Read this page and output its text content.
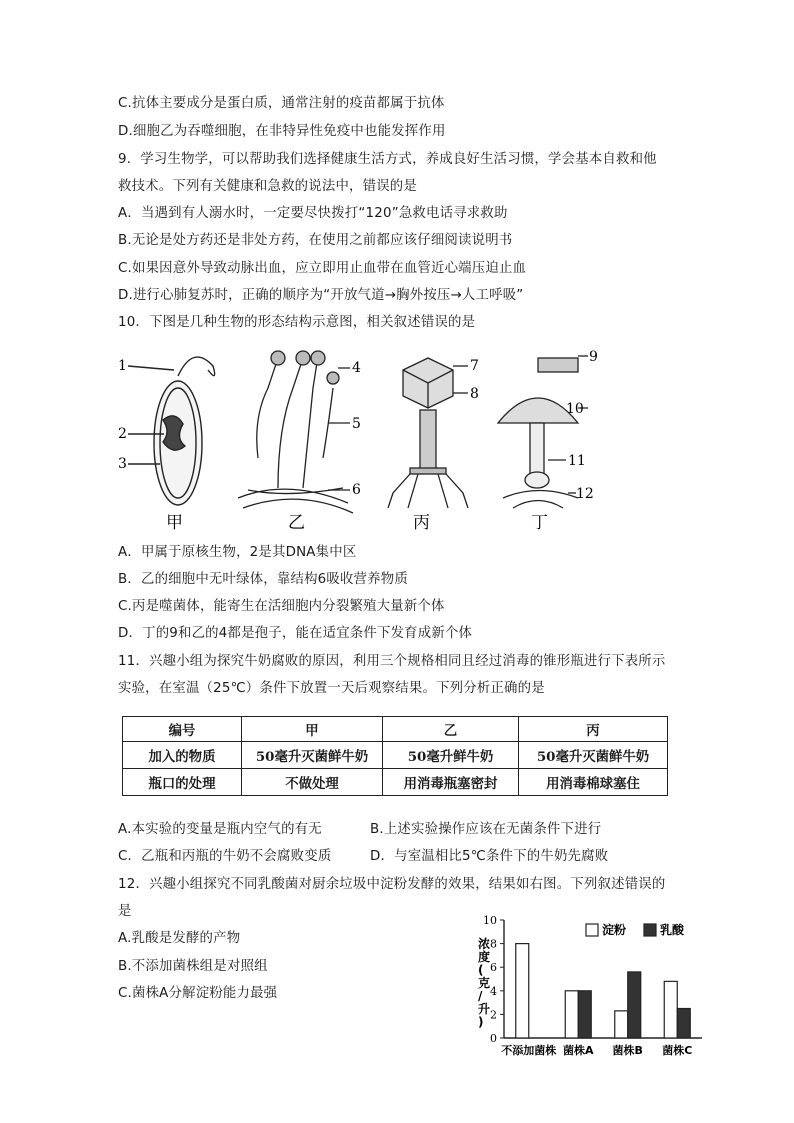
C.抗体主要成分是蛋白质，通常注射的疫苗都属于抗体
D.细胞乙为吞噬细胞，在非特异性免疫中也能发挥作用
9．学习生物学，可以帮助我们选择健康生活方式，养成良好生活习惯，学会基本自救和他
救技术。下列有关健康和急救的说法中，错误的是
A．当遇到有人溺水时，一定要尽快拨打“120”急救电话寻求救助
B.无论是处方药还是非处方药，在使用之前都应该仔细阅读说明书
C.如果因意外导致动脉出血，应立即用止血带在血管近心端压迫止血
D.进行心肺复苏时，正确的顺序为“开放气道→胸外按压→人工呼吸”
10．下图是几种生物的形态结构示意图，相关叙述错误的是
1
2
3
4
5
6
7
8
9
10
11
12
甲	乙	丙	丁
A．甲属于原核生物，2是其DNA集中区
B．乙的细胞中无叶绿体，靠结构6吸收营养物质
C.丙是噬菌体，能寄生在活细胞内分裂繁殖大量新个体
D．丁的9和乙的4都是孢子，能在适宜条件下发育成新个体
11．兴趣小组为探究牛奶腐败的原因，利用三个规格相同且经过消毒的锥形瓶进行下表所示
实验，在室温（25℃）条件下放置一天后观察结果。下列分析正确的是
编号	甲	乙	丙
加入的物质	50毫升灭菌鲜牛奶	50毫升鲜牛奶	50毫升灭菌鲜牛奶
瓶口的处理	不做处理	用消毒瓶塞密封	用消毒棉球塞住
A.本实验的变量是瓶内空气的有无	B.上述实验操作应该在无菌条件下进行
C．乙瓶和丙瓶的牛奶不会腐败变质	D．与室温相比5℃条件下的牛奶先腐败
12．兴趣小组探究不同乳酸菌对厨余垃圾中淀粉发酵的效果，结果如右图。下列叙述错误的
是
A.乳酸是发酵的产物
B.不添加菌株组是对照组
C.菌株A分解淀粉能力最强
0
2
4
6
8
10
浓度(克/升)
不添加菌株 菌株A 菌株B 菌株C
淀粉	乳酸
